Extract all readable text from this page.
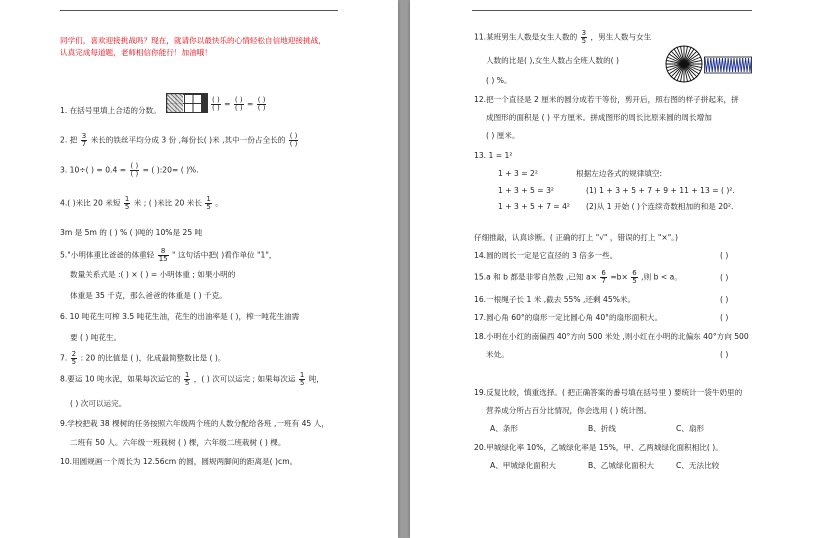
同学们，喜欢迎接挑战吗？现在，就请你以最快乐的心情轻松自信地迎接挑战，
认真完成每道题，老师相信你能行！加油哦！
1. 在括号里填上合适的分数。	$\frac{( )}{( )} = \frac{( )}{( )} = \frac{( )}{( )}$
2. 把 $\frac{3}{7}$ 米长的铁丝平均分成 3 份 ,每份长( )米 ,其中一份占全长的 $\frac{( )}{( )}$
3. 10÷( ) = $0.4 = \frac{( )}{( )}$ = ( ):20= ( )%.
4.( )米比 20 米短 $\frac{1}{5}$ 米 ; ( )米比 20 米长 $\frac{1}{5}$ 。
3m 是 5m 的 ( ) % ( )吨的 10%是 25 吨
5."小明体重比爸爸的体重轻 $\frac{8}{15}$ " 这句话中把( )看作单位 "1"，
数量关系式是 :( ) × ( ) = 小明体重 ; 如果小明的
体重是 35 千克，那么爸爸的体重是 ( ) 千克。
6. 10 吨花生可榨 3.5 吨花生油，花生的出油率是 ( )，榨一吨花生油需
要 ( ) 吨花生。
7. $\frac{2}{5}$ : 20 的比值是 ( )，化成最简整数比是 ( )。
8.要运 10 吨水泥，如果每次运它的 $\frac{1}{5}$ ，( ) 次可以运完 ; 如果每次运 $\frac{1}{5}$ 吨，
( ) 次可以运完。
9.学校把栽 38 棵树的任务按照六年级两个班的人数分配给各班 ,一班有 45 人，
二班有 50 人。六年级一班栽树 ( ) 棵，六年级二班栽树 ( ) 棵。
10.用圆规画一个周长为 12.56cm 的圆，圆规两脚间的距离是( )cm。
11.某班男生人数是女生人数的 $\frac{3}{5}$ ，男生人数与女生
人数的比是( ),女生人数占全班人数的( )
( ) %。
12.把一个直径是 2 厘米的圆分成若干等份，剪开后，照右图的样子拼起来，拼
成图形的面积是 ( ) 平方厘米。拼成图形的周长比原来圆的周长增加
( ) 厘米。
13. 1 = 1²
1 + 3 = 2²	根据左边各式的规律填空:
1 + 3 + 5 = 3²	(1) 1 + 3 + 5 + 7 + 9 + 11 + 13 = ( )².
1 + 3 + 5 + 7 = 4² (2)从 1 开始 ( )个连续奇数相加的和是 20².
仔细推敲，认真诊断。( 正确的打上 "√" ，错误的打上 "×"。)
14.圆的周长一定是它直径的 3 倍多一些。	( )
15.a 和 b 都是非零自然数 ,已知 $a\times \frac{6}{7} =b\times \frac{6}{5}$ ,则 b < a。	( )
16.一根绳子长 1 米 ,截去 55% ,还剩 45%米。	( )
17.圆心角 60°的扇形一定比圆心角 40°的扇形面积大。	( )
18.小明在小红的南偏西 40°方向 500 米处 ,则小红在小明的北偏东 40°方向 500
米处。	( )
19.反复比较，慎重选择。( 把正确答案的番号填在括号里 ) 要统计一袋牛奶里的
营养成分所占百分比情况，你会选用 ( ) 统计图。
A、条形	B、折线	C、扇形
20.甲城绿化率 10%，乙城绿化率是 15%，甲、乙两城绿化面积相比( )。
A、甲城绿化面积大	B、乙城绿化面积大	C、无法比较
